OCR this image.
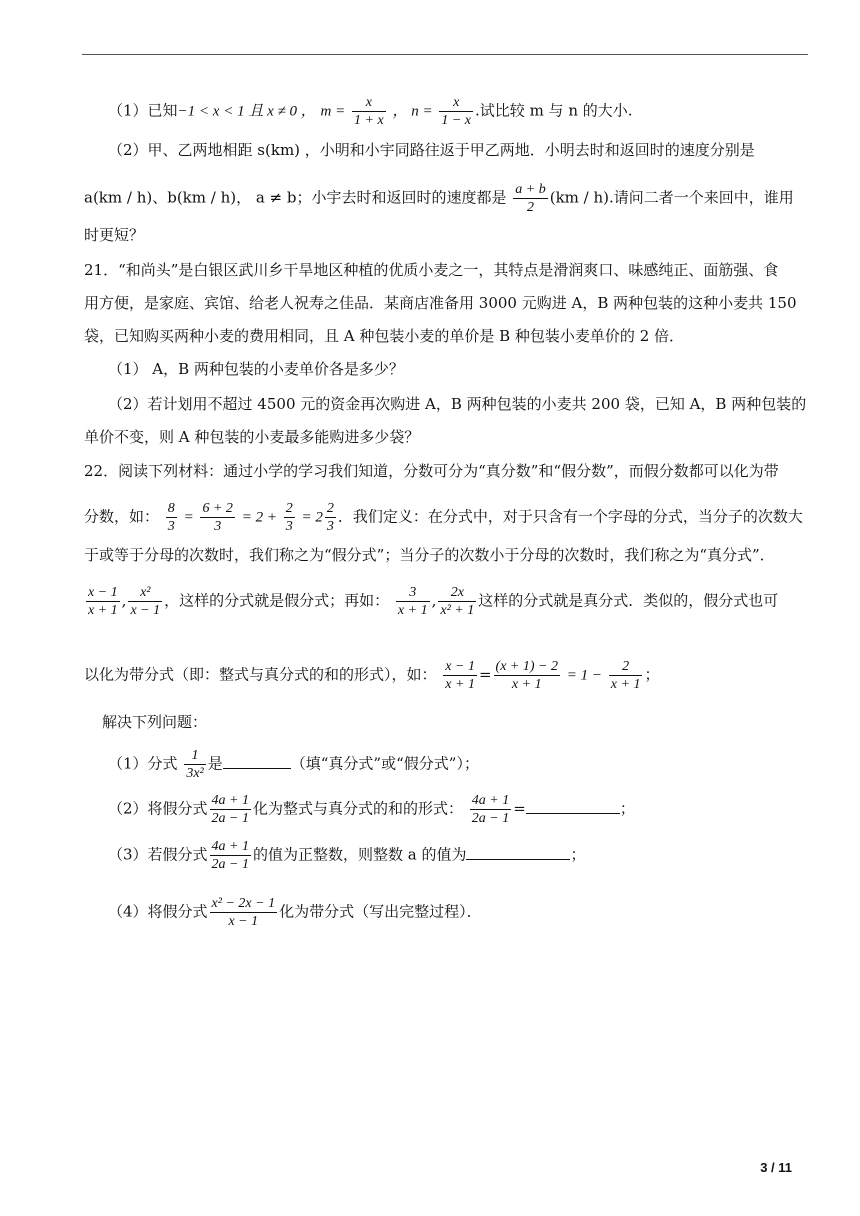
（1）已知−1 < x < 1 且 x ≠ 0 ， $m = \frac{x}{1 + x}$ ， $n = \frac{x}{1 - x}$ .试比较 m 与 n 的大小.
（2）甲、乙两地相距 s(km) ，小明和小宇同路往返于甲乙两地．小明去时和返回时的速度分别是
a(km / h)、b(km / h)， a ≠ b；小宇去时和返回时的速度都是 $\frac{a + b}{2} (km / h)$.请问二者一个来回中，谁用
时更短？
21．“和尚头”是白银区武川乡干旱地区种植的优质小麦之一，其特点是滑润爽口、味感纯正、面筋强、食
用方便，是家庭、宾馆、给老人祝寿之佳品．某商店准备用 3000 元购进 A，B 两种包装的这种小麦共 150
袋，已知购买两种小麦的费用相同，且 A 种包装小麦的单价是 B 种包装小麦单价的 2 倍．
（1） A，B 两种包装的小麦单价各是多少？
（2）若计划用不超过 4500 元的资金再次购进 A，B 两种包装的小麦共 200 袋，已知 A，B 两种包装的
单价不变，则 A 种包装的小麦最多能购进多少袋？
22．阅读下列材料：通过小学的学习我们知道，分数可分为“真分数”和“假分数”，而假分数都可以化为带
分数，如： $\frac{8}{3} = \frac{6 + 2}{3} = 2 + \frac{2}{3} = 2 \frac{2}{3}$ ．我们定义：在分式中，对于只含有一个字母的分式，当分子的次数大
于或等于分母的次数时，我们称之为“假分式”；当分子的次数小于分母的次数时，我们称之为“真分式”．
$\frac{x - 1}{x + 1}$ , $\frac{\text{x²}}{x - 1}$ ，这样的分式就是假分式；再如： $\frac{3}{x + 1}$ , $\frac{2x}{\text{x² + 1}}$ 这样的分式就是真分式．类似的，假分式也可
以化为带分式（即：整式与真分式的和的形式），如： $\frac{x - 1}{x + 1} = \frac{(x + 1) - 2}{x + 1} = 1 - \frac{2}{x + 1}$ ；
解决下列问题：
（1）分式 $\frac{1}{\text{3x²}}$ 是	（填“真分式”或“假分式”）；
（2）将假分式 $\frac{4a + 1}{2a - 1}$ 化为整式与真分式的和的形式： $\frac{4a + 1}{2a - 1}$ =	；
（3）若假分式 $\frac{4a + 1}{2a - 1}$ 的值为正整数，则整数 a 的值为	；
（4）将假分式 $\frac{\text{x² − 2x − 1}}{x - 1}$ 化为带分式（写出完整过程）．
3 / 11
